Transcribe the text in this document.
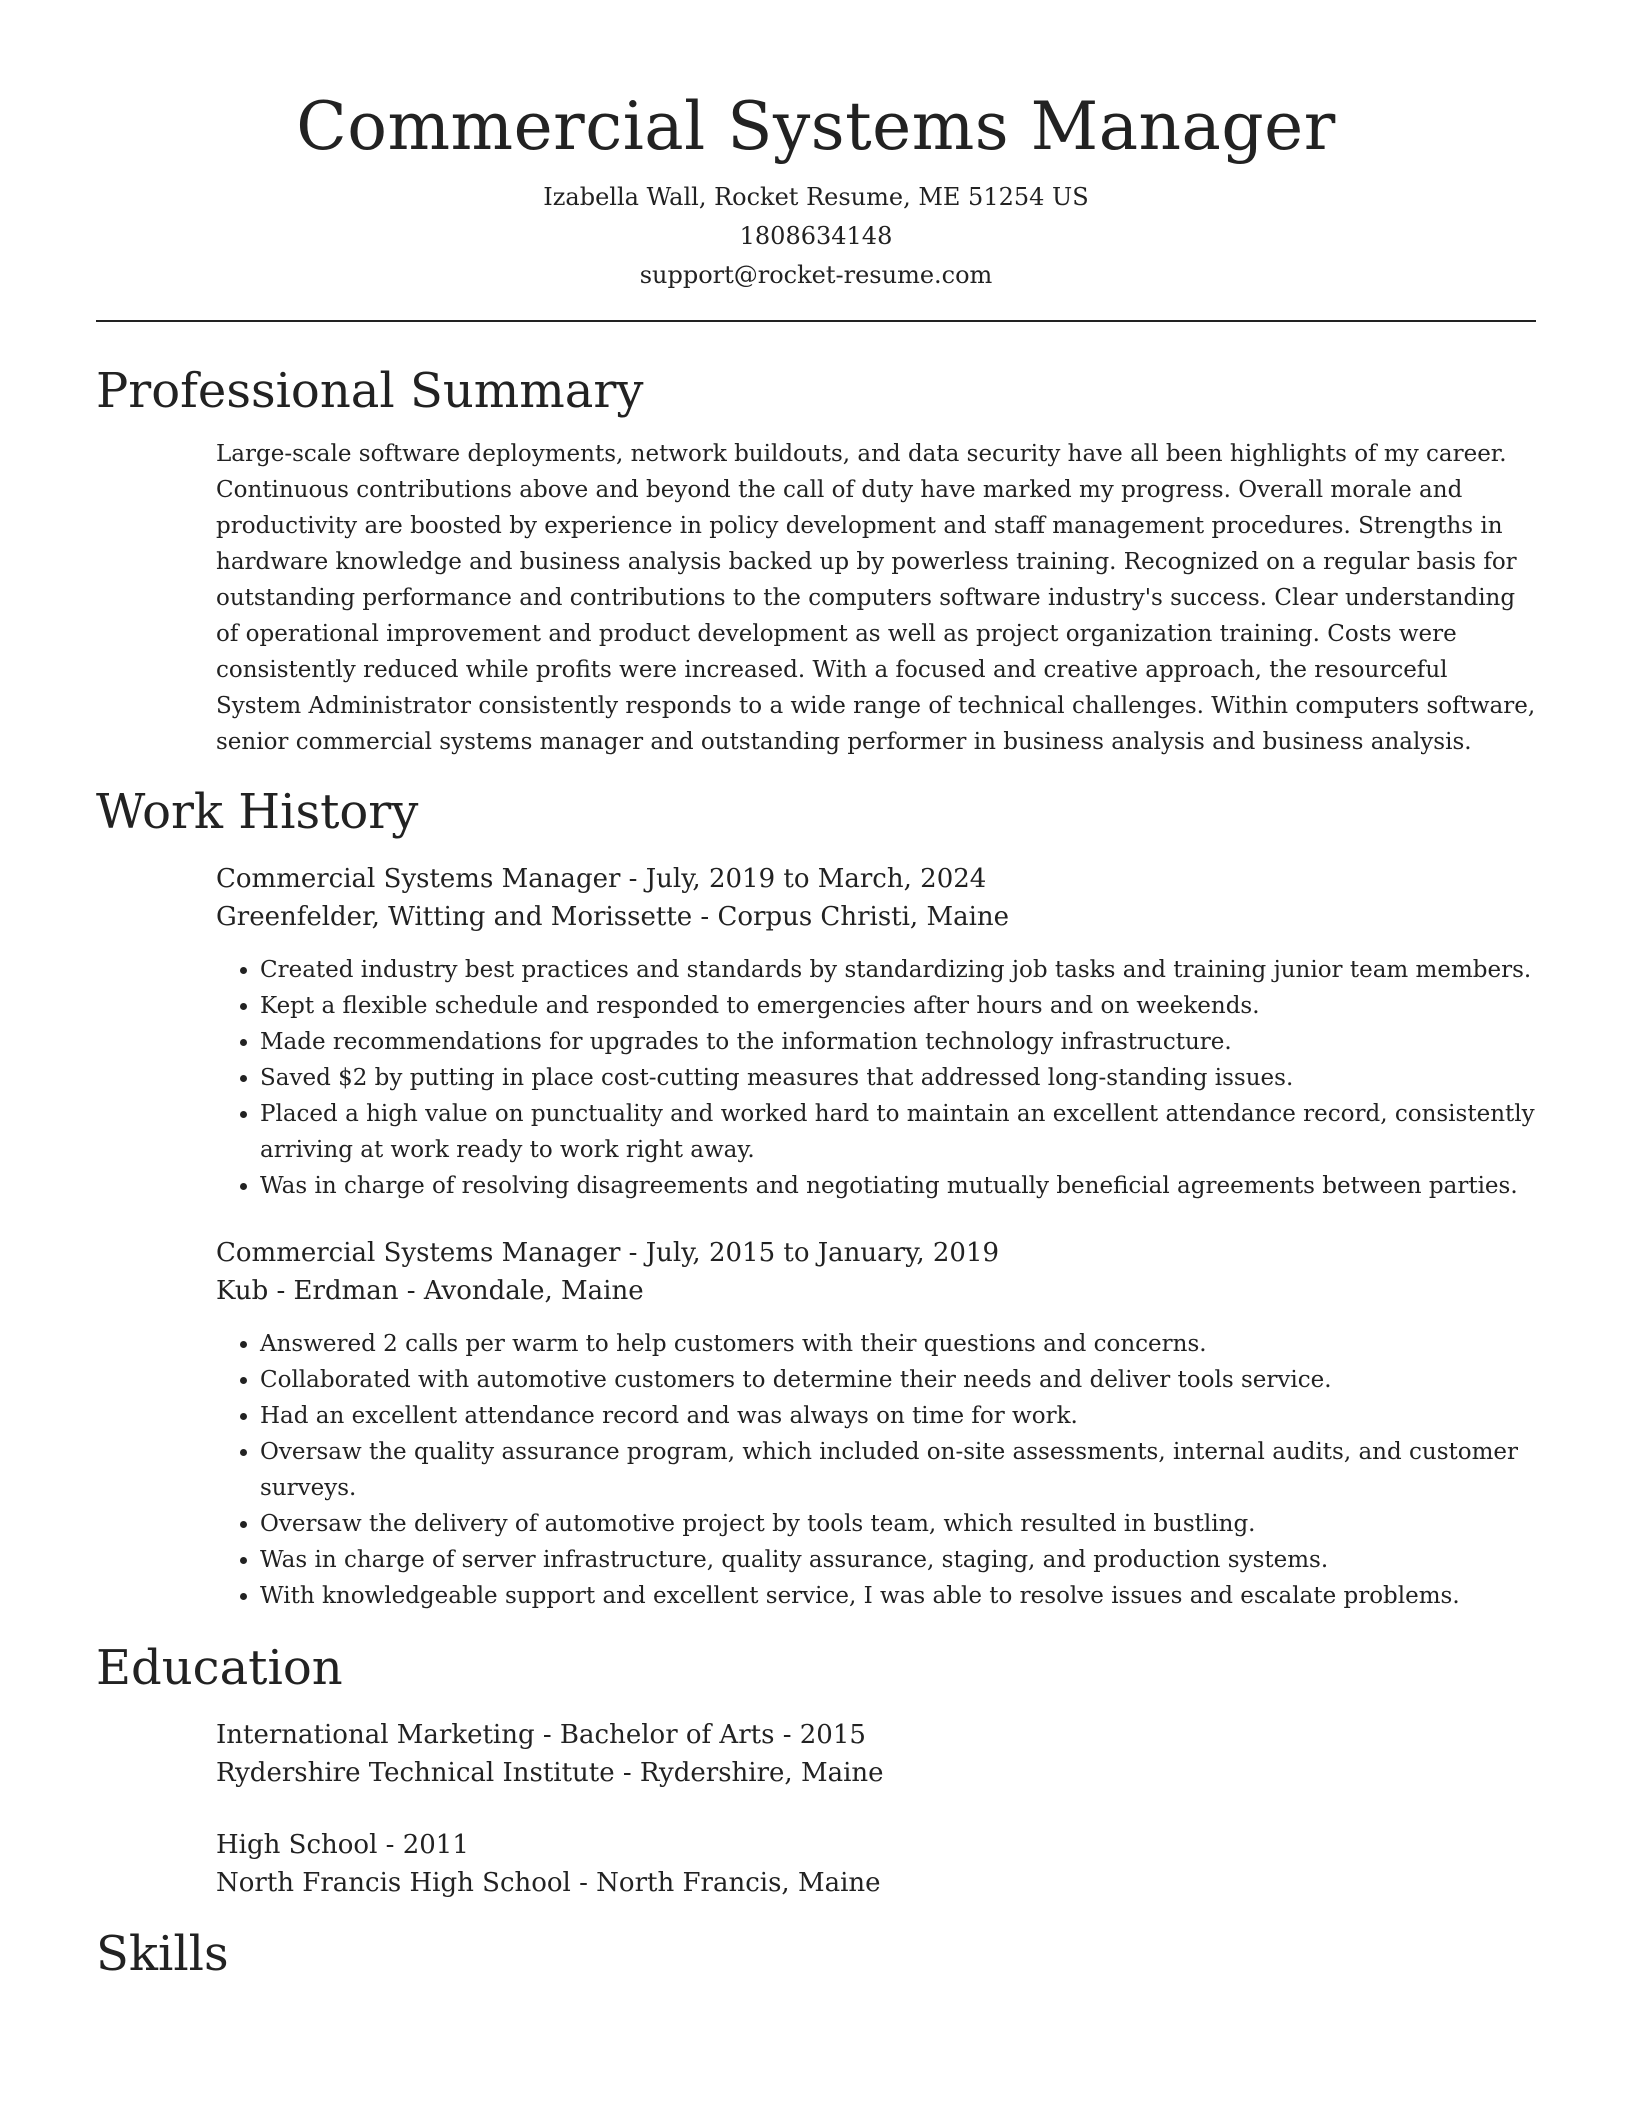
Commercial Systems Manager
Izabella Wall, Rocket Resume, ME 51254 US
1808634148
support@rocket-resume.com
Professional Summary

Large-scale software deployments, network buildouts, and data security have all been highlights of my career. Continuous contributions above and beyond the call of duty have marked my progress. Overall morale and productivity are boosted by experience in policy development and staff management procedures. Strengths in hardware knowledge and business analysis backed up by powerless training. Recognized on a regular basis for outstanding performance and contributions to the computers software industry's success. Clear understanding of operational improvement and product development as well as project organization training. Costs were consistently reduced while profits were increased. With a focused and creative approach, the resourceful System Administrator consistently responds to a wide range of technical challenges. Within computers software, senior commercial systems manager and outstanding performer in business analysis and business analysis.

Work History
Commercial Systems Manager - July, 2019 to March, 2024
Greenfelder, Witting and Morissette - Corpus Christi, Maine
• Created industry best practices and standards by standardizing job tasks and training junior team members.
• Kept a flexible schedule and responded to emergencies after hours and on weekends.
• Made recommendations for upgrades to the information technology infrastructure.
• Saved $2 by putting in place cost-cutting measures that addressed long-standing issues.
• Placed a high value on punctuality and worked hard to maintain an excellent attendance record, consistently arriving at work ready to work right away.
• Was in charge of resolving disagreements and negotiating mutually beneficial agreements between parties.
Commercial Systems Manager - July, 2015 to January, 2019
Kub - Erdman - Avondale, Maine
• Answered 2 calls per warm to help customers with their questions and concerns.
• Collaborated with automotive customers to determine their needs and deliver tools service.
• Had an excellent attendance record and was always on time for work.
• Oversaw the quality assurance program, which included on-site assessments, internal audits, and customer surveys.
• Oversaw the delivery of automotive project by tools team, which resulted in bustling.
• Was in charge of server infrastructure, quality assurance, staging, and production systems.
• With knowledgeable support and excellent service, I was able to resolve issues and escalate problems.
Education
International Marketing - Bachelor of Arts - 2015
Rydershire Technical Institute - Rydershire, Maine
High School - 2011
North Francis High School - North Francis, Maine
Skills
